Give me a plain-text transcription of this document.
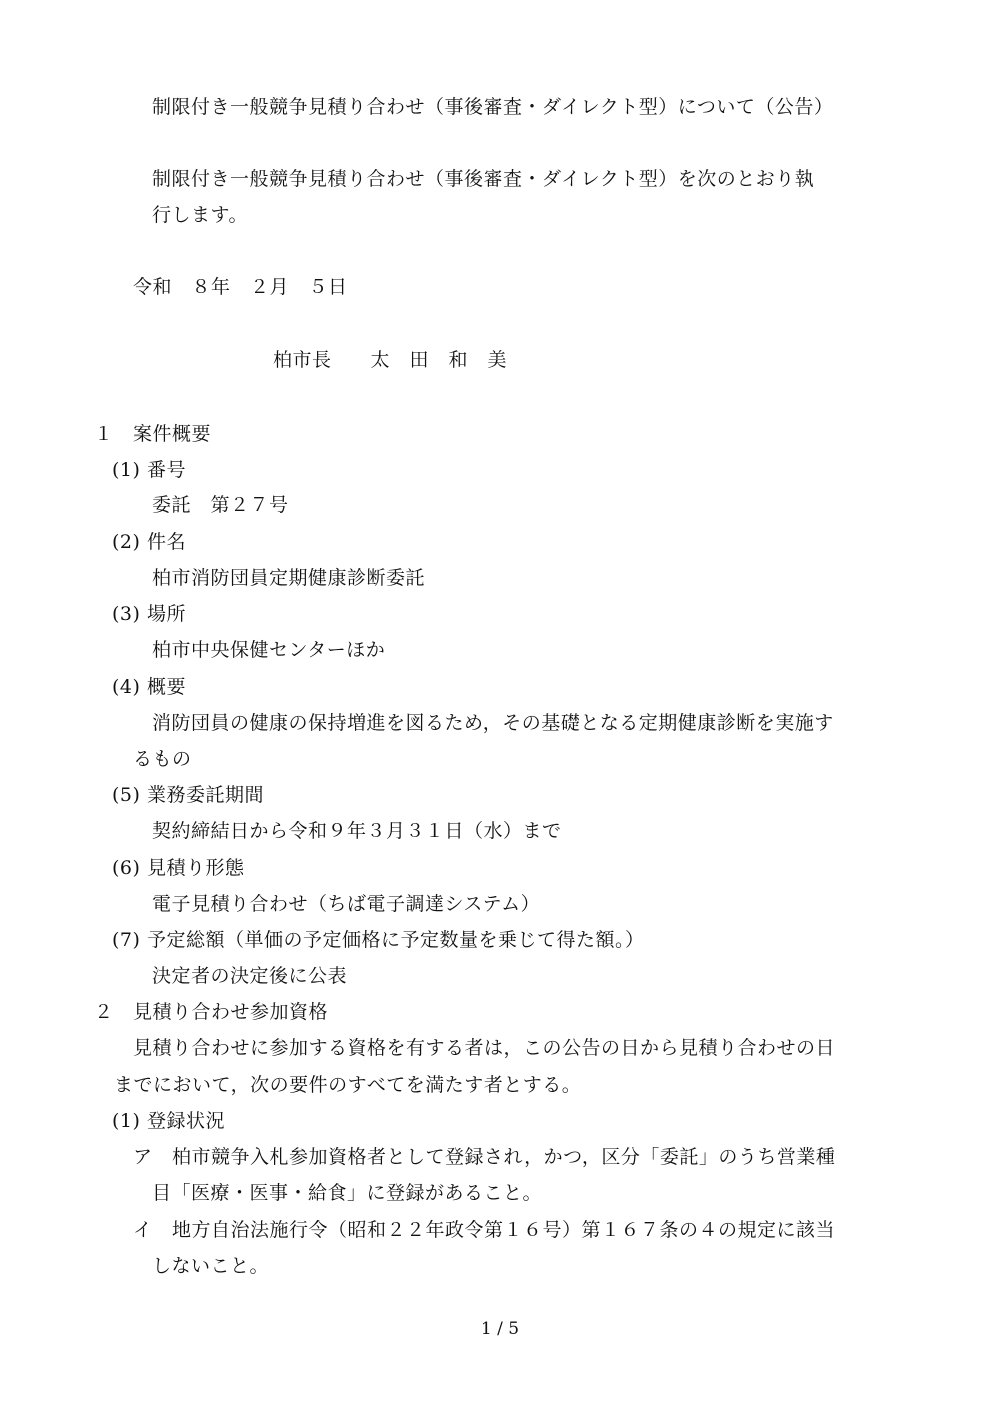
制限付き一般競争見積り合わせ（事後審査・ダイレクト型）について（公告）
制限付き一般競争見積り合わせ（事後審査・ダイレクト型）を次のとおり執
行します。
令和　８年　２月　５日
柏市長　　太　田　和　美
１　案件概要
(1) 番号
委託　第２７号
(2) 件名
柏市消防団員定期健康診断委託
(3) 場所
柏市中央保健センターほか
(4) 概要
消防団員の健康の保持増進を図るため，その基礎となる定期健康診断を実施す
るもの
(5) 業務委託期間
契約締結日から令和９年３月３１日（水）まで
(6) 見積り形態
電子見積り合わせ（ちば電子調達システム）
(7) 予定総額（単価の予定価格に予定数量を乗じて得た額。）
決定者の決定後に公表
２　見積り合わせ参加資格
見積り合わせに参加する資格を有する者は，この公告の日から見積り合わせの日
までにおいて，次の要件のすべてを満たす者とする。
(1) 登録状況
ア　柏市競争入札参加資格者として登録され，かつ，区分「委託」のうち営業種
目「医療・医事・給食」に登録があること。
イ　地方自治法施行令（昭和２２年政令第１６号）第１６７条の４の規定に該当
しないこと。
1 / 5
